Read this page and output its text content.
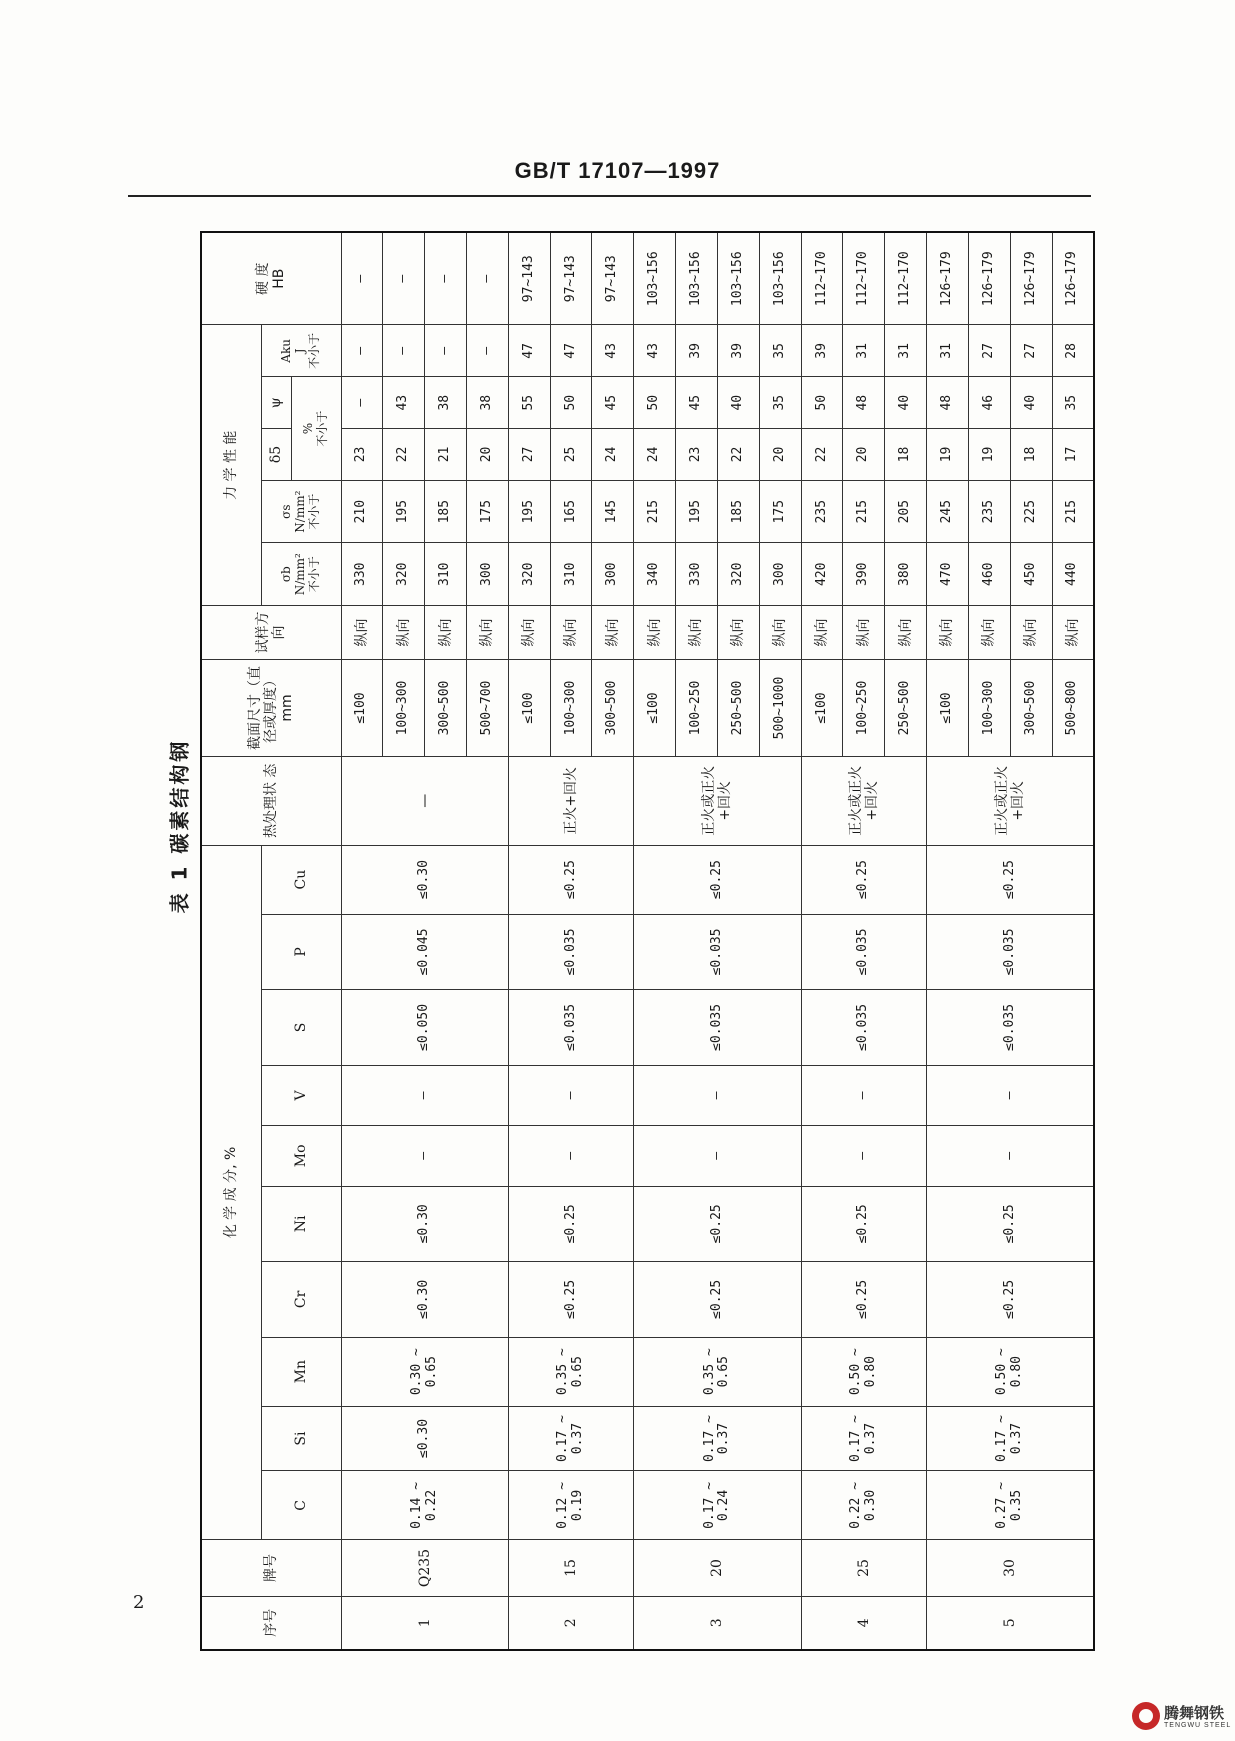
GB/T 17107—1997
表 1 碳素结构钢
序号	牌号	化 学 成 分, %										热处理状 态	截面尺寸（直径或厚度）mm	试样方向	力 学 性 能					硬 度 HB

		C	Si	Mn	Cr	Ni	Mo	V	S	P	Cu				σb N/mm² 不小于	σs N/mm² 不小于	δ5	ψ	Aku J 不小于	

																	% 不小于			

1	Q235	0.14 ~ 0.22	≤0.30	0.30 ~ 0.65	≤0.30	≤0.30	—	—	≤0.050	≤0.045	≤0.30	—	≤100	纵向	330	210	23	—	—	—
													100~300	纵向	320	195	22	43	—	—
													300~500	纵向	310	185	21	38	—	—
													500~700	纵向	300	175	20	38	—	—
2	15	0.12 ~ 0.19	0.17 ~ 0.37	0.35 ~ 0.65	≤0.25	≤0.25	—	—	≤0.035	≤0.035	≤0.25	正火+回火	≤100	纵向	320	195	27	55	47	97~143
													100~300	纵向	310	165	25	50	47	97~143
													300~500	纵向	300	145	24	45	43	97~143
3	20	0.17 ~ 0.24	0.17 ~ 0.37	0.35 ~ 0.65	≤0.25	≤0.25	—	—	≤0.035	≤0.035	≤0.25	正火或正火+回火	≤100	纵向	340	215	24	50	43	103~156
													100~250	纵向	330	195	23	45	39	103~156
													250~500	纵向	320	185	22	40	39	103~156
													500~1000	纵向	300	175	20	35	35	103~156
4	25	0.22 ~ 0.30	0.17 ~ 0.37	0.50 ~ 0.80	≤0.25	≤0.25	—	—	≤0.035	≤0.035	≤0.25	正火或正火+回火	≤100	纵向	420	235	22	50	39	112~170
													100~250	纵向	390	215	20	48	31	112~170
													250~500	纵向	380	205	18	40	31	112~170
5	30	0.27 ~ 0.35	0.17 ~ 0.37	0.50 ~ 0.80	≤0.25	≤0.25	—	—	≤0.035	≤0.035	≤0.25	正火或正火+回火	≤100	纵向	470	245	19	48	31	126~179
													100~300	纵向	460	235	19	46	27	126~179
													300~500	纵向	450	225	18	40	27	126~179
													500~800	纵向	440	215	17	35	28	126~179
2
腾舞钢铁
TENGWU STEEL
